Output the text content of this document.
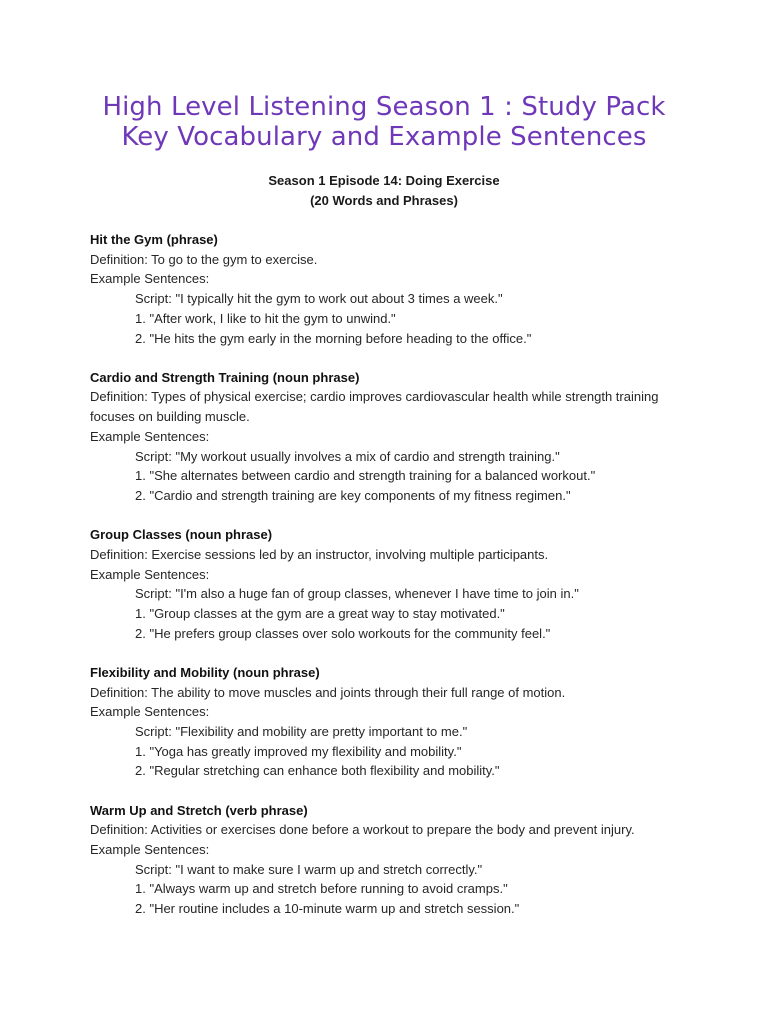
High Level Listening Season 1 : Study Pack
Key Vocabulary and Example Sentences
Season 1 Episode 14: Doing Exercise
(20 Words and Phrases)
Hit the Gym (phrase)
Definition: To go to the gym to exercise.
Example Sentences:
Script: "I typically hit the gym to work out about 3 times a week."
1. "After work, I like to hit the gym to unwind."
2. "He hits the gym early in the morning before heading to the office."
Cardio and Strength Training (noun phrase)
Definition: Types of physical exercise; cardio improves cardiovascular health while strength training focuses on building muscle.
Example Sentences:
Script: "My workout usually involves a mix of cardio and strength training."
1. "She alternates between cardio and strength training for a balanced workout."
2. "Cardio and strength training are key components of my fitness regimen."
Group Classes (noun phrase)
Definition: Exercise sessions led by an instructor, involving multiple participants.
Example Sentences:
Script: "I'm also a huge fan of group classes, whenever I have time to join in."
1. "Group classes at the gym are a great way to stay motivated."
2. "He prefers group classes over solo workouts for the community feel."
Flexibility and Mobility (noun phrase)
Definition: The ability to move muscles and joints through their full range of motion.
Example Sentences:
Script: "Flexibility and mobility are pretty important to me."
1. "Yoga has greatly improved my flexibility and mobility."
2. "Regular stretching can enhance both flexibility and mobility."
Warm Up and Stretch (verb phrase)
Definition: Activities or exercises done before a workout to prepare the body and prevent injury.
Example Sentences:
Script: "I want to make sure I warm up and stretch correctly."
1. "Always warm up and stretch before running to avoid cramps."
2. "Her routine includes a 10-minute warm up and stretch session."
